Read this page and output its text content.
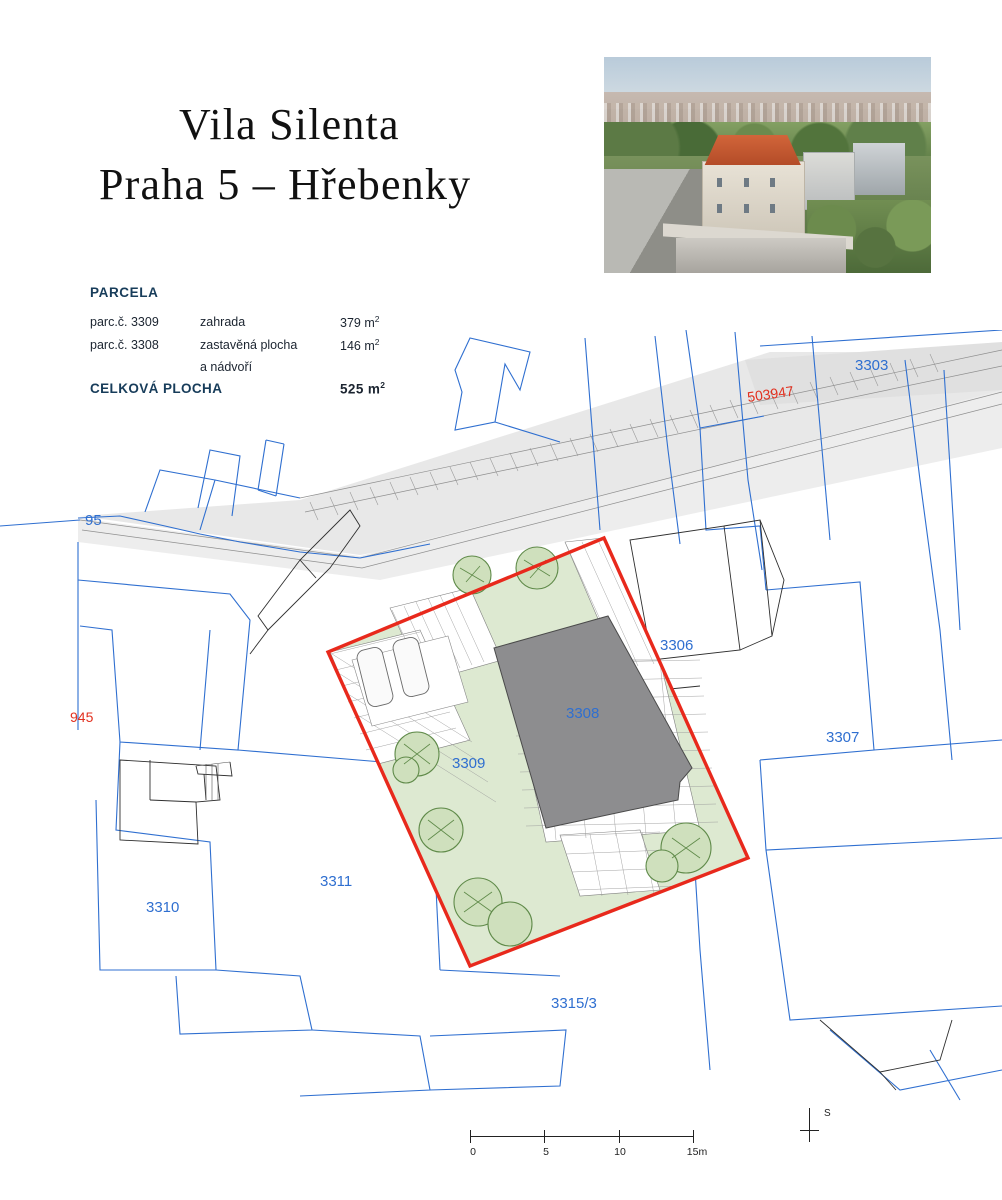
Vila Silenta
Praha 5 – Hřebenky
PARCELA
parc.č. 3309	zahrada	379 $m^2$
parc.č. 3308	zastavěná plocha	146 $m^2$
	a nádvoří	
CELKOVÁ PLOCHA		525 $m^2$
3303
503947
95
945
3306
3308
3307
3309
3311
3310
3315/3
0	5	10	15m
S
